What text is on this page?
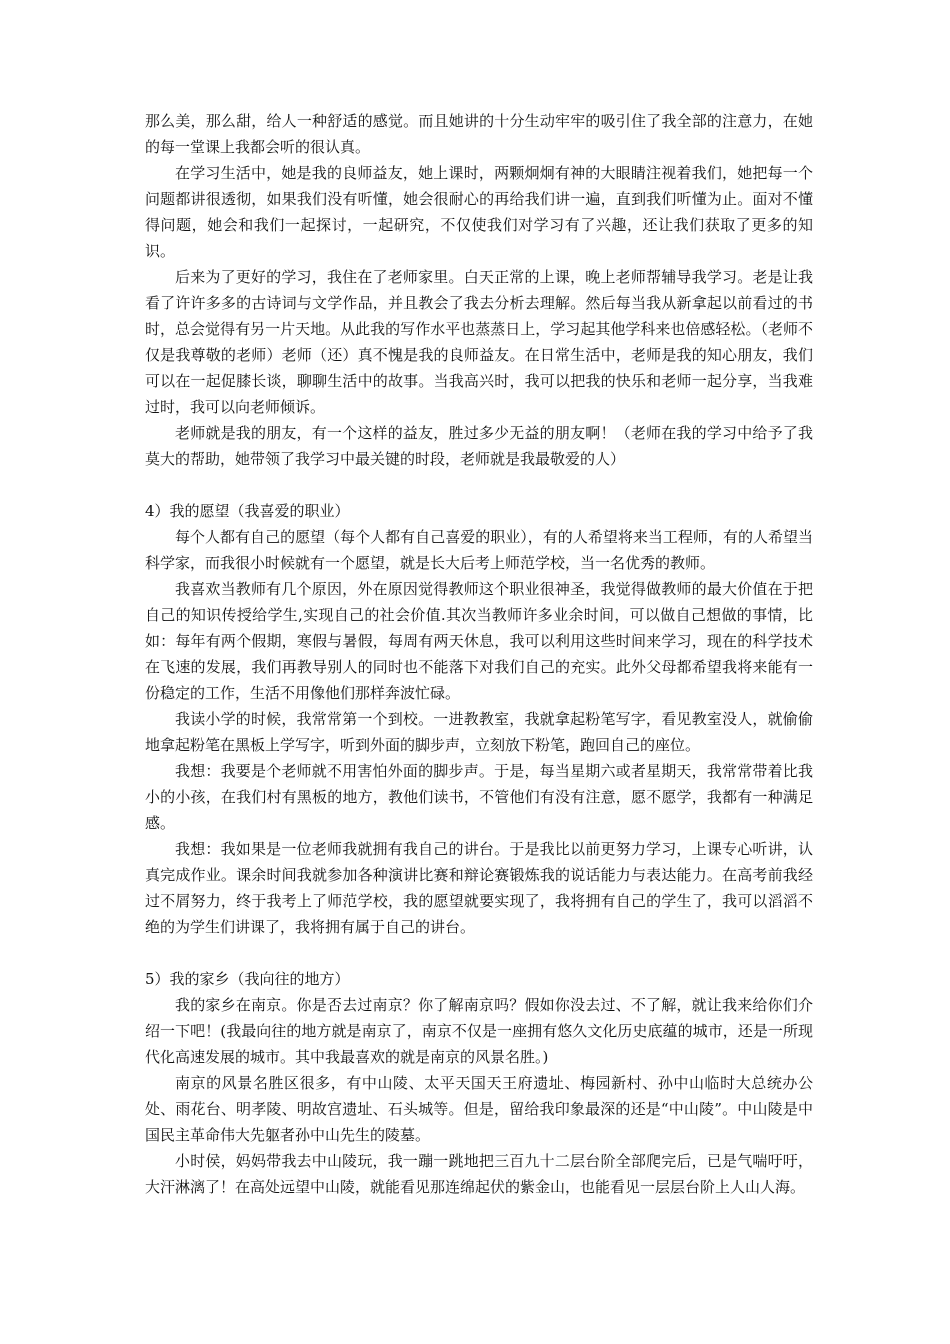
那么美，那么甜，给人一种舒适的感觉。而且她讲的十分生动牢牢的吸引住了我全部的注意力，在她的每一堂课上我都会听的很认真。

在学习生活中，她是我的良师益友，她上课时，两颗炯炯有神的大眼睛注视着我们，她把每一个问题都讲很透彻，如果我们没有听懂，她会很耐心的再给我们讲一遍，直到我们听懂为止。面对不懂得问题，她会和我们一起探讨，一起研究，不仅使我们对学习有了兴趣，还让我们获取了更多的知识。

后来为了更好的学习，我住在了老师家里。白天正常的上课，晚上老师帮辅导我学习。老是让我看了许许多多的古诗词与文学作品，并且教会了我去分析去理解。然后每当我从新拿起以前看过的书时，总会觉得有另一片天地。从此我的写作水平也蒸蒸日上，学习起其他学科来也倍感轻松。（老师不仅是我尊敬的老师）老师（还）真不愧是我的良师益友。在日常生活中，老师是我的知心朋友，我们可以在一起促膝长谈，聊聊生活中的故事。当我高兴时，我可以把我的快乐和老师一起分享，当我难过时，我可以向老师倾诉。

老师就是我的朋友，有一个这样的益友，胜过多少无益的朋友啊！（老师在我的学习中给予了我莫大的帮助，她带领了我学习中最关键的时段，老师就是我最敬爱的人）

4）我的愿望（我喜爱的职业）

每个人都有自己的愿望（每个人都有自己喜爱的职业），有的人希望将来当工程师，有的人希望当科学家，而我很小时候就有一个愿望，就是长大后考上师范学校，当一名优秀的教师。

我喜欢当教师有几个原因，外在原因觉得教师这个职业很神圣，我觉得做教师的最大价值在于把自己的知识传授给学生,实现自己的社会价值.其次当教师许多业余时间，可以做自己想做的事情，比如：每年有两个假期，寒假与暑假，每周有两天休息，我可以利用这些时间来学习，现在的科学技术在飞速的发展，我们再教导别人的同时也不能落下对我们自己的充实。此外父母都希望我将来能有一份稳定的工作，生活不用像他们那样奔波忙碌。

我读小学的时候，我常常第一个到校。一进教教室，我就拿起粉笔写字，看见教室没人，就偷偷地拿起粉笔在黑板上学写字，听到外面的脚步声，立刻放下粉笔，跑回自己的座位。

我想：我要是个老师就不用害怕外面的脚步声。于是，每当星期六或者星期天，我常常带着比我小的小孩，在我们村有黑板的地方，教他们读书，不管他们有没有注意，愿不愿学，我都有一种满足感。

我想：我如果是一位老师我就拥有我自己的讲台。于是我比以前更努力学习，上课专心听讲，认真完成作业。课余时间我就参加各种演讲比赛和辩论赛锻炼我的说话能力与表达能力。在高考前我经过不屑努力，终于我考上了师范学校，我的愿望就要实现了，我将拥有自己的学生了，我可以滔滔不绝的为学生们讲课了，我将拥有属于自己的讲台。

5）我的家乡（我向往的地方）

我的家乡在南京。你是否去过南京？你了解南京吗？假如你没去过、不了解，就让我来给你们介绍一下吧！(我最向往的地方就是南京了，南京不仅是一座拥有悠久文化历史底蕴的城市，还是一所现代化高速发展的城市。其中我最喜欢的就是南京的风景名胜。)

南京的风景名胜区很多，有中山陵、太平天国天王府遗址、梅园新村、孙中山临时大总统办公处、雨花台、明孝陵、明故宫遗址、石头城等。但是，留给我印象最深的还是“中山陵”。中山陵是中国民主革命伟大先躯者孙中山先生的陵墓。

小时侯，妈妈带我去中山陵玩，我一蹦一跳地把三百九十二层台阶全部爬完后，已是气喘吁吁，大汗淋漓了！在高处远望中山陵，就能看见那连绵起伏的紫金山，也能看见一层层台阶上人山人海。
